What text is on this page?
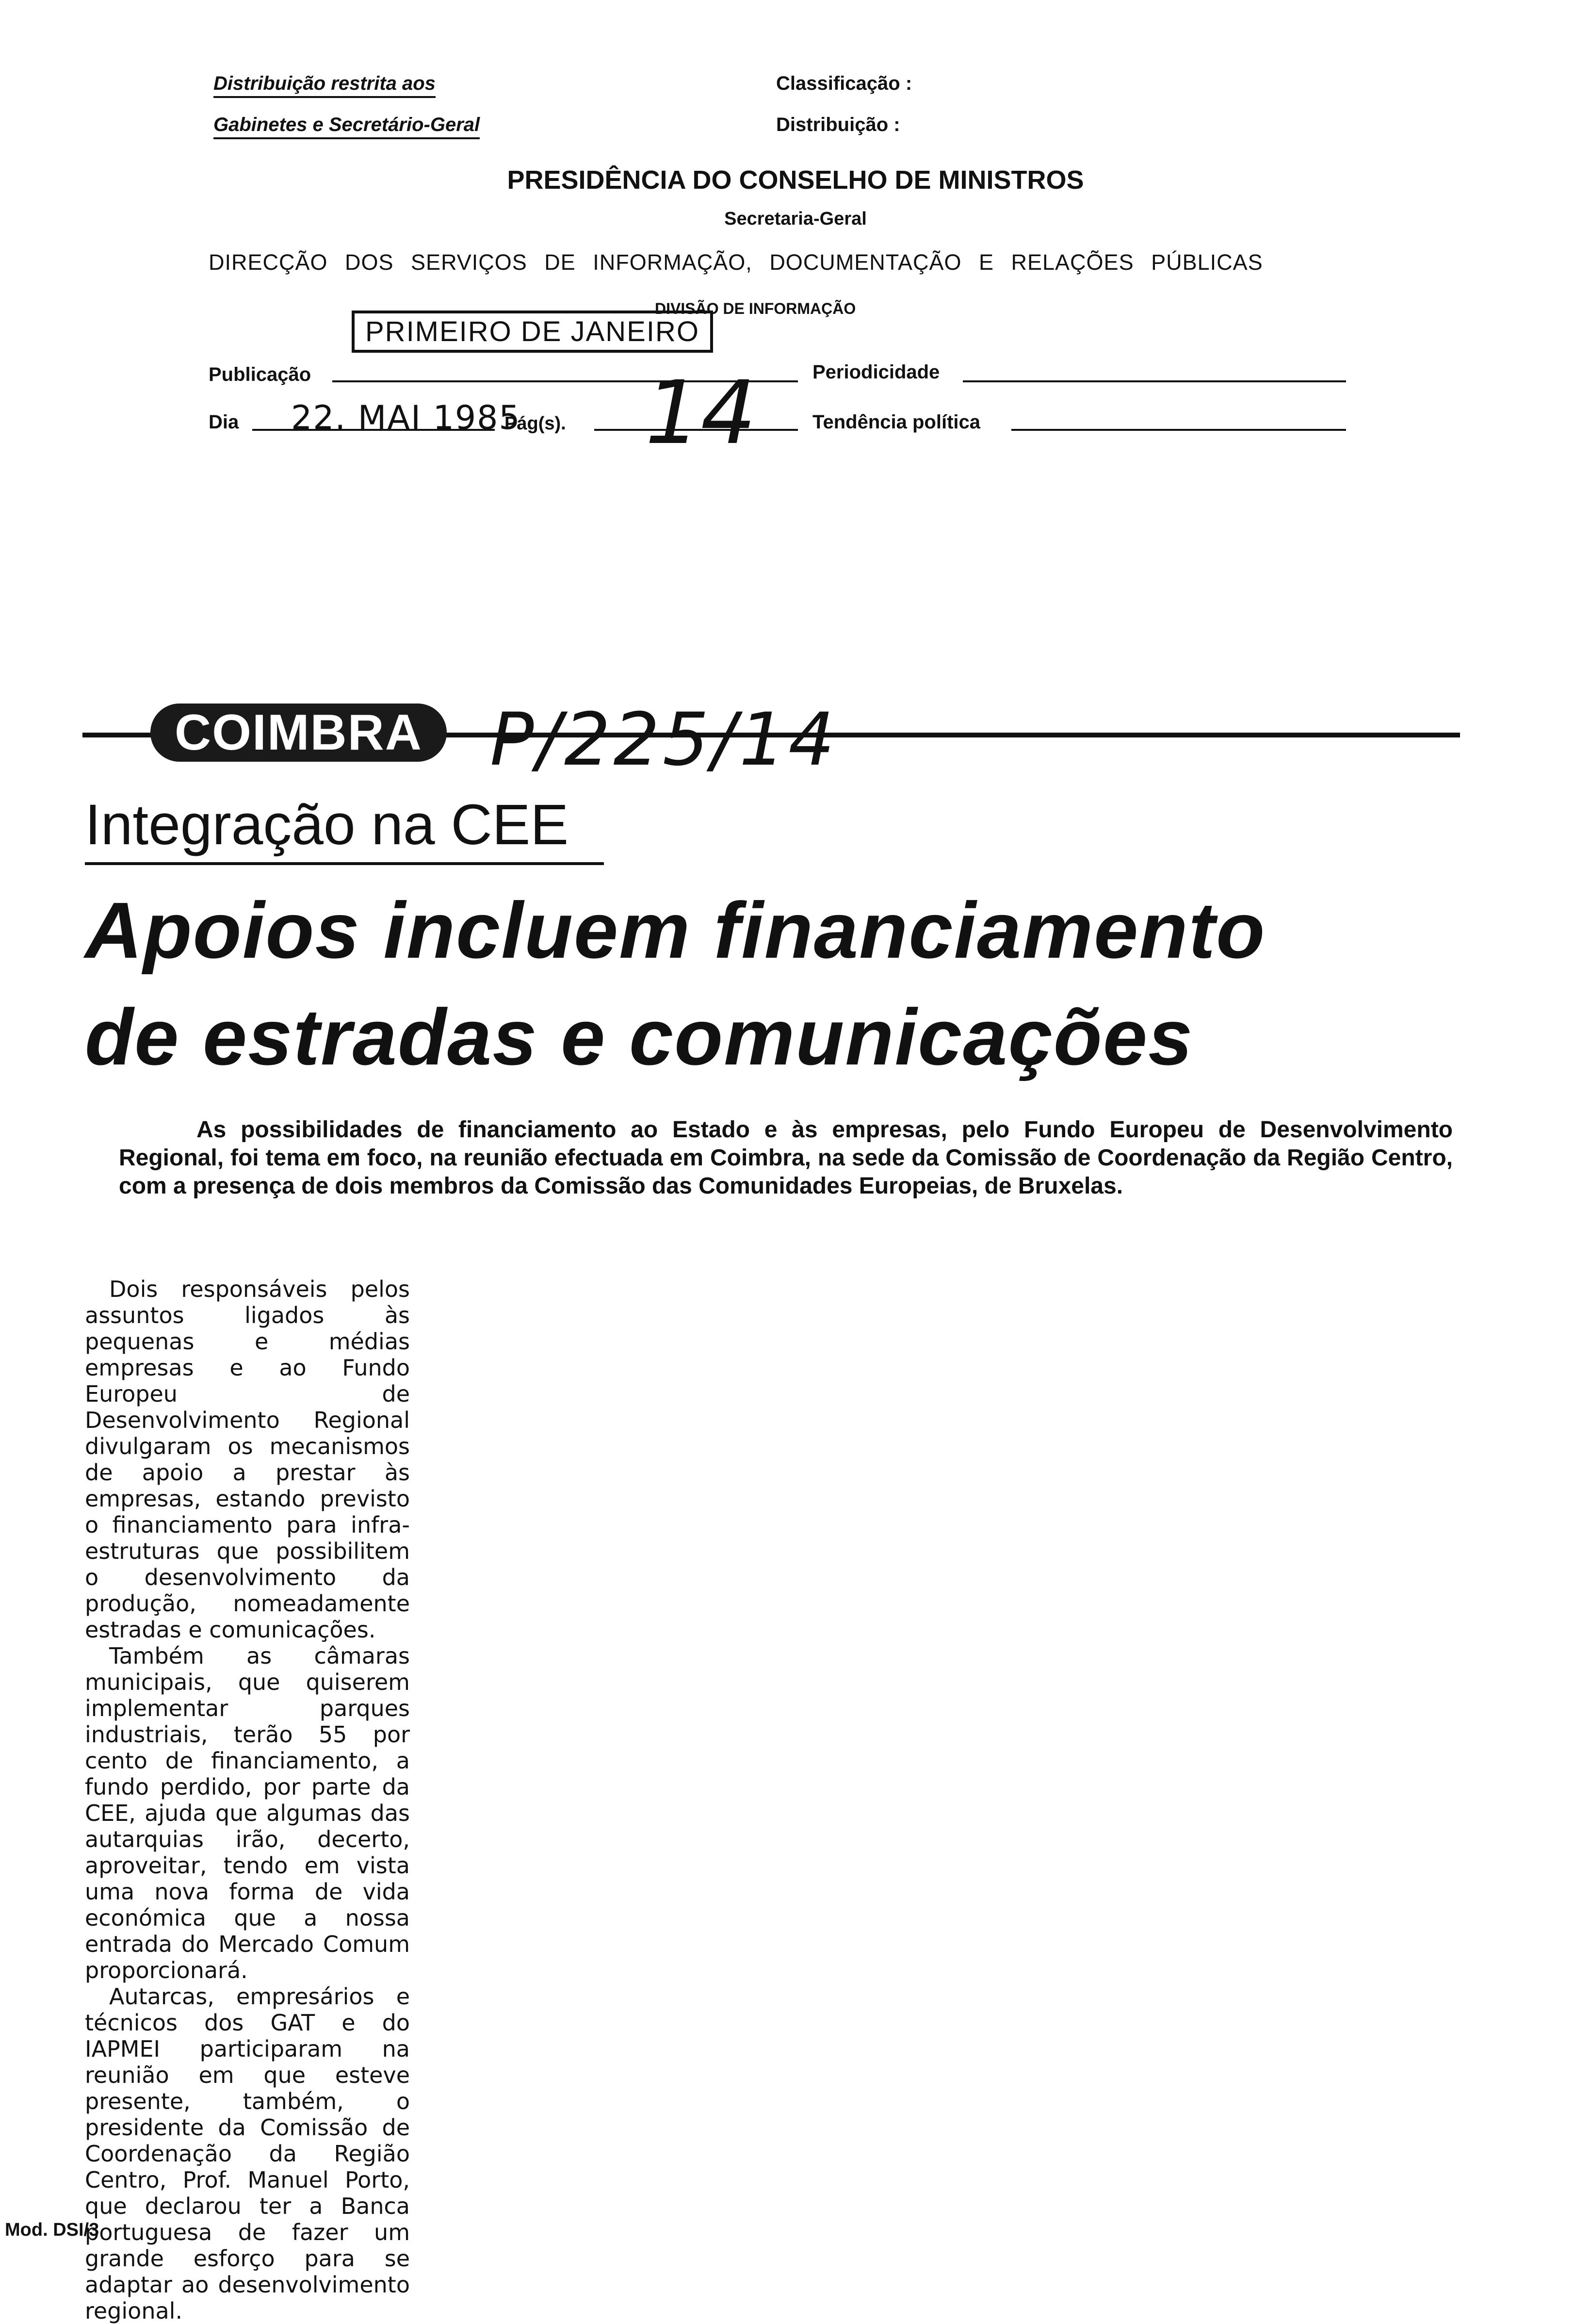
Distribuição restrita aos
Gabinetes e Secretário-Geral
Classificação :
Distribuição :
PRESIDÊNCIA DO CONSELHO DE MINISTROS
Secretaria-Geral
DIRECÇÃO DOS SERVIÇOS DE INFORMAÇÃO, DOCUMENTAÇÃO E RELAÇÕES PÚBLICAS
DIVISÃO DE INFORMAÇÃO
PRIMEIRO DE JANEIRO
Publicação	Periodicidade
Dia 22. MAI 1985
Pág(s). 14	Tendência política
COIMBRA P/225/14
Integração na CEE
Apoios incluem financiamento
de estradas e comunicações
As possibilidades de financiamento ao Estado e às empresas, pelo Fundo Europeu de Desenvolvimento Regional, foi tema em foco, na reunião efectuada em Coimbra, na sede da Comissão de Coordenação da Região Centro, com a presença de dois membros da Comissão das Comunidades Europeias, de Bruxelas.

Dois responsáveis pelos assuntos ligados às pequenas e médias empresas e ao Fundo Europeu de Desenvolvimento Regional divulgaram os mecanismos de apoio a prestar às empresas, estando previsto o financiamento para infra-estruturas que possibilitem o desenvolvimento da produção, nomeadamente estradas e comunicações.

Também as câmaras municipais, que quiserem implementar parques industriais, terão 55 por cento de financiamento, a fundo perdido, por parte da CEE, ajuda que algumas das autarquias irão, decerto, aproveitar, tendo em vista uma nova forma de vida económica que a nossa entrada do Mercado Comum proporcionará.

Autarcas, empresários e técnicos dos GAT e do IAPMEI participaram na reunião em que esteve presente, também, o presidente da Comissão de Coordenação da Região Centro, Prof. Manuel Porto, que declarou ter a Banca portuguesa de fazer um grande esforço para se adaptar ao desenvolvimento regional.

Mod. DSI/3
